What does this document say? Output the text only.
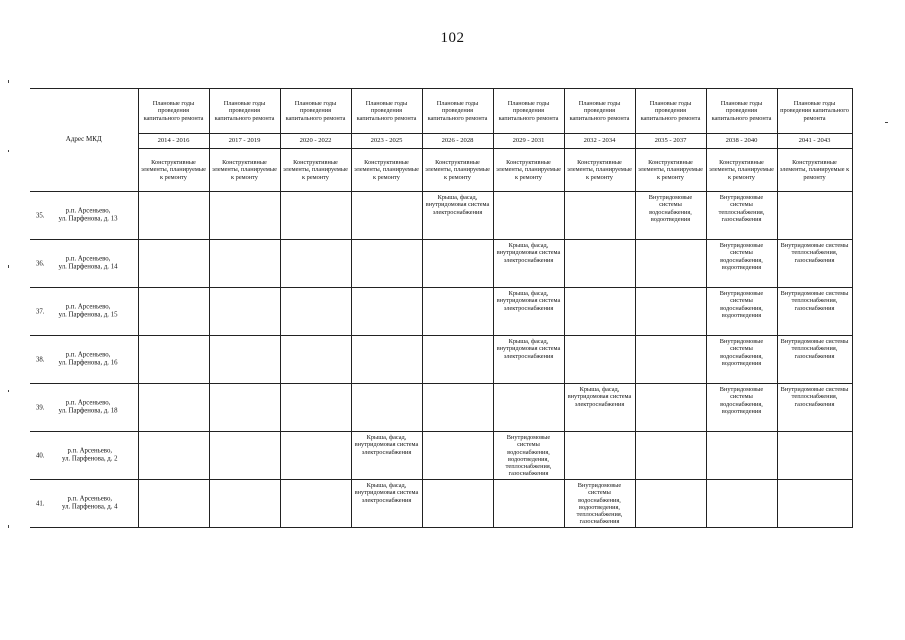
102
Адрес МКД	Плановые годы проведения капитального ремонта	Плановые годы проведения капитального ремонта	Плановые годы проведения капитального ремонта	Плановые годы проведения капитального ремонта	Плановые годы проведения капитального ремонта	Плановые годы проведения капитального ремонта	Плановые годы проведения капитального ремонта	Плановые годы проведения капитального ремонта	Плановые годы проведения капитального ремонта	Плановые годы проведения капитального ремонта
	2014 - 2016	2017 - 2019	2020 - 2022	2023 - 2025	2026 - 2028	2029 - 2031	2032 - 2034	2035 - 2037	2038 - 2040	2041 - 2043
	Конструктивные элементы, планируемые к ремонту	Конструктивные элементы, планируемые к ремонту	Конструктивные элементы, планируемые к ремонту	Конструктивные элементы, планируемые к ремонту	Конструктивные элементы, планируемые к ремонту	Конструктивные элементы, планируемые к ремонту	Конструктивные элементы, планируемые к ремонту	Конструктивные элементы, планируемые к ремонту	Конструктивные элементы, планируемые к ремонту	Конструктивные элементы, планируемые к ремонту

35.
р.п. Арсеньево,
ул. Парфенова, д. 13					Крыша, фасад, внутридомовая система электроснабжения			Внутридомовые системы водоснабжения, водоотведения	Внутридомовые системы теплоснабжения, газоснабжения	

36.
р.п. Арсеньево,
ул. Парфенова, д. 14						Крыша, фасад, внутридомовая система электроснабжения			Внутридомовые системы водоснабжения, водоотведения	Внутридомовые системы теплоснабжения, газоснабжения

37.
р.п. Арсеньево,
ул. Парфенова, д. 15						Крыша, фасад, внутридомовая система электроснабжения			Внутридомовые системы водоснабжения, водоотведения	Внутридомовые системы теплоснабжения, газоснабжения

38.
р.п. Арсеньево,
ул. Парфенова, д. 16						Крыша, фасад, внутридомовая система электроснабжения			Внутридомовые системы водоснабжения, водоотведения	Внутридомовые системы теплоснабжения, газоснабжения

39.
р.п. Арсеньево,
ул. Парфенова, д. 18							Крыша, фасад, внутридомовая система электроснабжения		Внутридомовые системы водоснабжения, водоотведения	Внутридомовые системы теплоснабжения, газоснабжения

40.
р.п. Арсеньево,
ул. Парфенова, д. 2				Крыша, фасад, внутридомовая система электроснабжения		Внутридомовые системы водоснабжения, водоотведения, теплоснабжения, газоснабжения				

41.
р.п. Арсеньево,
ул. Парфенова, д. 4				Крыша, фасад, внутридомовая система электроснабжения			Внутридомовые системы водоснабжения, водоотведения, теплоснабжения, газоснабжения			
